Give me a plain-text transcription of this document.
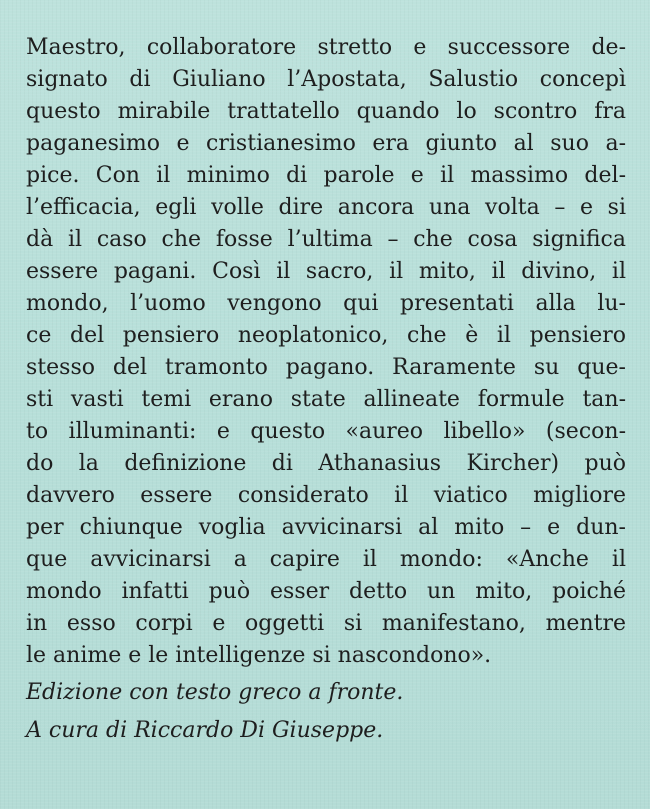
Maestro, collaboratore stretto e successore de-
signato di Giuliano l’Apostata, Salustio concepì
questo mirabile trattatello quando lo scontro fra
paganesimo e cristianesimo era giunto al suo a-
pice. Con il minimo di parole e il massimo del-
l’efficacia, egli volle dire ancora una volta – e si
dà il caso che fosse l’ultima – che cosa significa
essere pagani. Così il sacro, il mito, il divino, il
mondo, l’uomo vengono qui presentati alla lu-
ce del pensiero neoplatonico, che è il pensiero
stesso del tramonto pagano. Raramente su que-
sti vasti temi erano state allineate formule tan-
to illuminanti: e questo «aureo libello» (secon-
do la definizione di Athanasius Kircher) può
davvero essere considerato il viatico migliore
per chiunque voglia avvicinarsi al mito – e dun-
que avvicinarsi a capire il mondo: «Anche il
mondo infatti può esser detto un mito, poiché
in esso corpi e oggetti si manifestano, mentre
le anime e le intelligenze si nascondono».
Edizione con testo greco a fronte.
A cura di Riccardo Di Giuseppe.
